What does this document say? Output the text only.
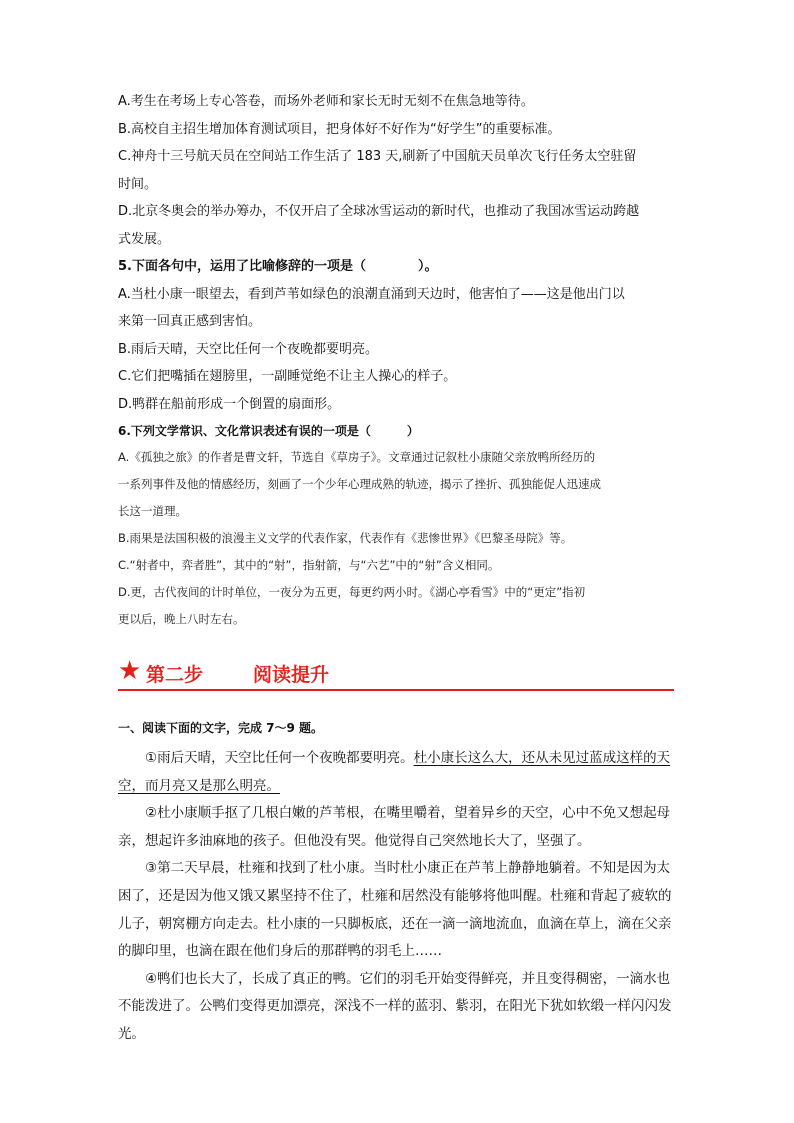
A.考生在考场上专心答卷，而场外老师和家长无时无刻不在焦急地等待。
B.高校自主招生增加体育测试项目，把身体好不好作为“好学生”的重要标准。
C.神舟十三号航天员在空间站工作生活了 183 天,刷新了中国航天员单次飞行任务太空驻留
时间。
D.北京冬奥会的举办筹办，不仅开启了全球冰雪运动的新时代，也推动了我国冰雪运动跨越
式发展。
5.下面各句中，运用了比喻修辞的一项是（　　　　）。
A.当杜小康一眼望去，看到芦苇如绿色的浪潮直涌到天边时，他害怕了——这是他出门以
来第一回真正感到害怕。
B.雨后天晴，天空比任何一个夜晚都要明亮。
C.它们把嘴插在翅膀里，一副睡觉绝不让主人操心的样子。
D.鸭群在船前形成一个倒置的扇面形。
6.下列文学常识、文化常识表述有误的一项是（　　　）
A.《孤独之旅》的作者是曹文轩，节选自《草房子》。文章通过记叙杜小康随父亲放鸭所经历的
一系列事件及他的情感经历，刻画了一个少年心理成熟的轨迹，揭示了挫折、孤独能促人迅速成
长这一道理。
B.雨果是法国积极的浪漫主义文学的代表作家，代表作有《悲惨世界》《巴黎圣母院》等。
C.“射者中，弈者胜”，其中的“射”，指射箭，与“六艺”中的“射”含义相同。
D.更，古代夜间的计时单位，一夜分为五更，每更约两小时。《湖心亭看雪》中的“更定”指初
更以后，晚上八时左右。
★ 第二步	阅读提升
一、阅读下面的文字，完成 7～9 题。
①雨后天晴，天空比任何一个夜晚都要明亮。杜小康长这么大，还从未见过蓝成这样的天空，而月亮又是那么明亮。
②杜小康顺手抠了几根白嫩的芦苇根，在嘴里嚼着，望着异乡的天空，心中不免又想起母亲，想起许多油麻地的孩子。但他没有哭。他觉得自己突然地长大了，坚强了。
③第二天早晨，杜雍和找到了杜小康。当时杜小康正在芦苇上静静地躺着。不知是因为太困了，还是因为他又饿又累坚持不住了，杜雍和居然没有能够将他叫醒。杜雍和背起了疲软的儿子，朝窝棚方向走去。杜小康的一只脚板底，还在一滴一滴地流血，血滴在草上，滴在父亲的脚印里，也滴在跟在他们身后的那群鸭的羽毛上……
④鸭们也长大了，长成了真正的鸭。它们的羽毛开始变得鲜亮，并且变得稠密，一滴水也不能泼进了。公鸭们变得更加漂亮，深浅不一样的蓝羽、紫羽，在阳光下犹如软缎一样闪闪发光。
